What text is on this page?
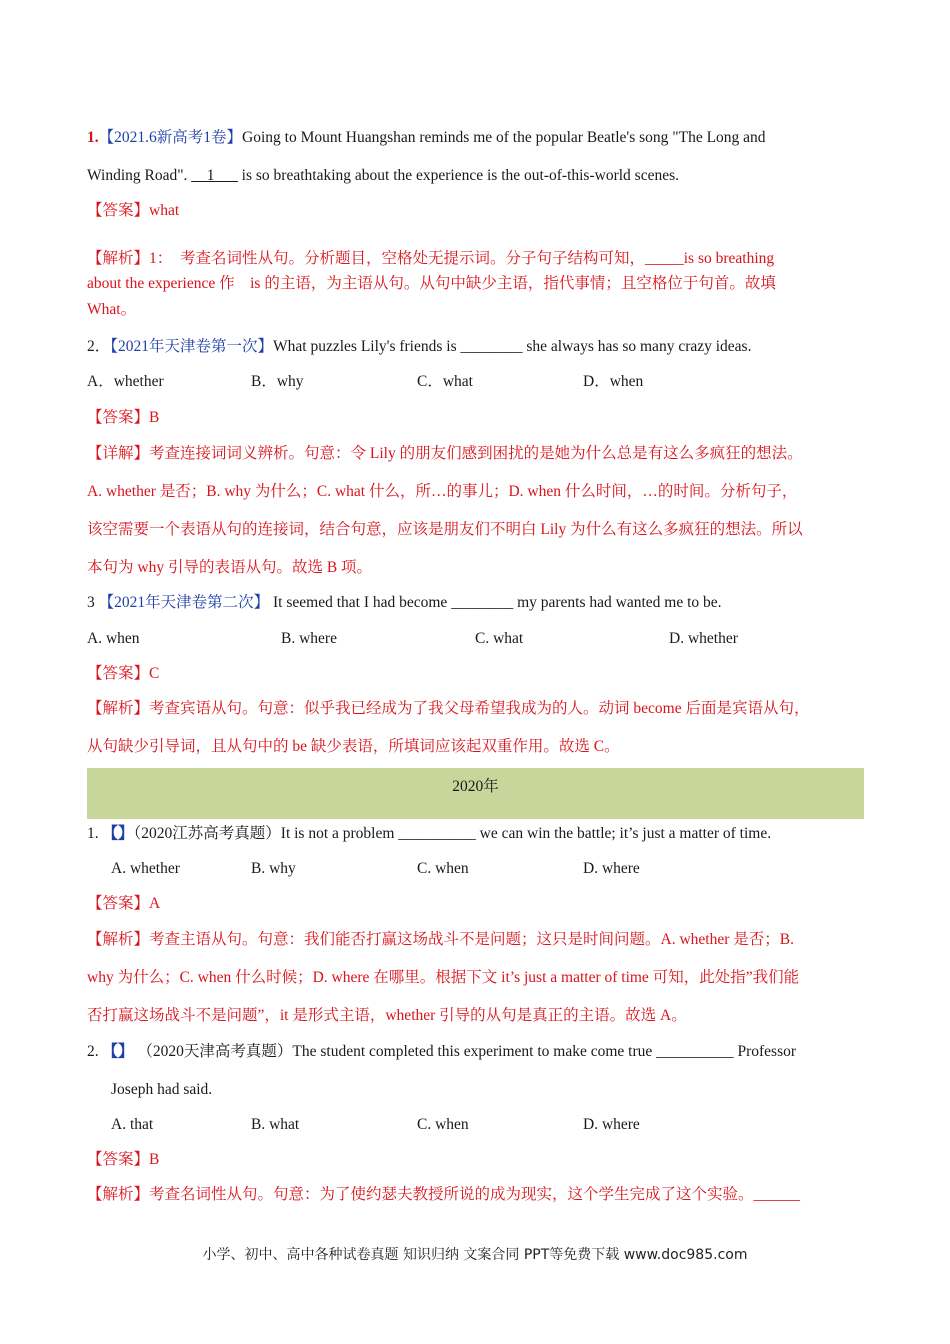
1.【2021.6新高考1卷】Going to Mount Huangshan reminds me of the popular Beatle's song "The Long and
Winding Road". __1___ is so breathtaking about the experience is the out-of-this-world scenes.
【答案】what
【解析】1：　考查名词性从句。分析题目，空格处无提示词。分子句子结构可知，_____is so breathing
about the experience 作　is 的主语，为主语从句。从句中缺少主语，指代事情；且空格位于句首。故填
What。
2．【2021年天津卷第一次】What puzzles Lily's friends is ________ she always has so many crazy ideas.
A．whether	B．why	C．what	D．when
【答案】B
【详解】考查连接词词义辨析。句意：令 Lily 的朋友们感到困扰的是她为什么总是有这么多疯狂的想法。
A. whether 是否；B. why 为什么；C. what 什么，所…的事儿；D. when 什么时间，…的时间。分析句子，
该空需要一个表语从句的连接词，结合句意，应该是朋友们不明白 Lily 为什么有这么多疯狂的想法。所以
本句为 why 引导的表语从句。故选 B 项。
3 【2021年天津卷第二次】 It seemed that I had become ________ my parents had wanted me to be.
A. when	B. where	C. what	D. whether
【答案】C
【解析】考查宾语从句。句意：似乎我已经成为了我父母希望我成为的人。动词 become 后面是宾语从句，
从句缺少引导词，且从句中的 be 缺少表语，所填词应该起双重作用。故选 C。
2020年
1. 【】（2020江苏高考真题）It is not a problem __________ we can win the battle; it’s just a matter of time.
A. whether	B. why	C. when	D. where
【答案】A
【解析】考查主语从句。句意：我们能否打赢这场战斗不是问题；这只是时间问题。A. whether 是否；B.
why 为什么；C. when 什么时候；D. where 在哪里。根据下文 it’s just a matter of time 可知，此处指”我们能
否打赢这场战斗不是问题”，it 是形式主语，whether 引导的从句是真正的主语。故选 A。
2. 【】 （2020天津高考真题）The student completed this experiment to make come true __________ Professor
Joseph had said.
A. that	B. what	C. when	D. where
【答案】B
【解析】考查名词性从句。句意：为了使约瑟夫教授所说的成为现实，这个学生完成了这个实验。______
小学、初中、高中各种试卷真题 知识归纳 文案合同 PPT等免费下载 www.doc985.com
